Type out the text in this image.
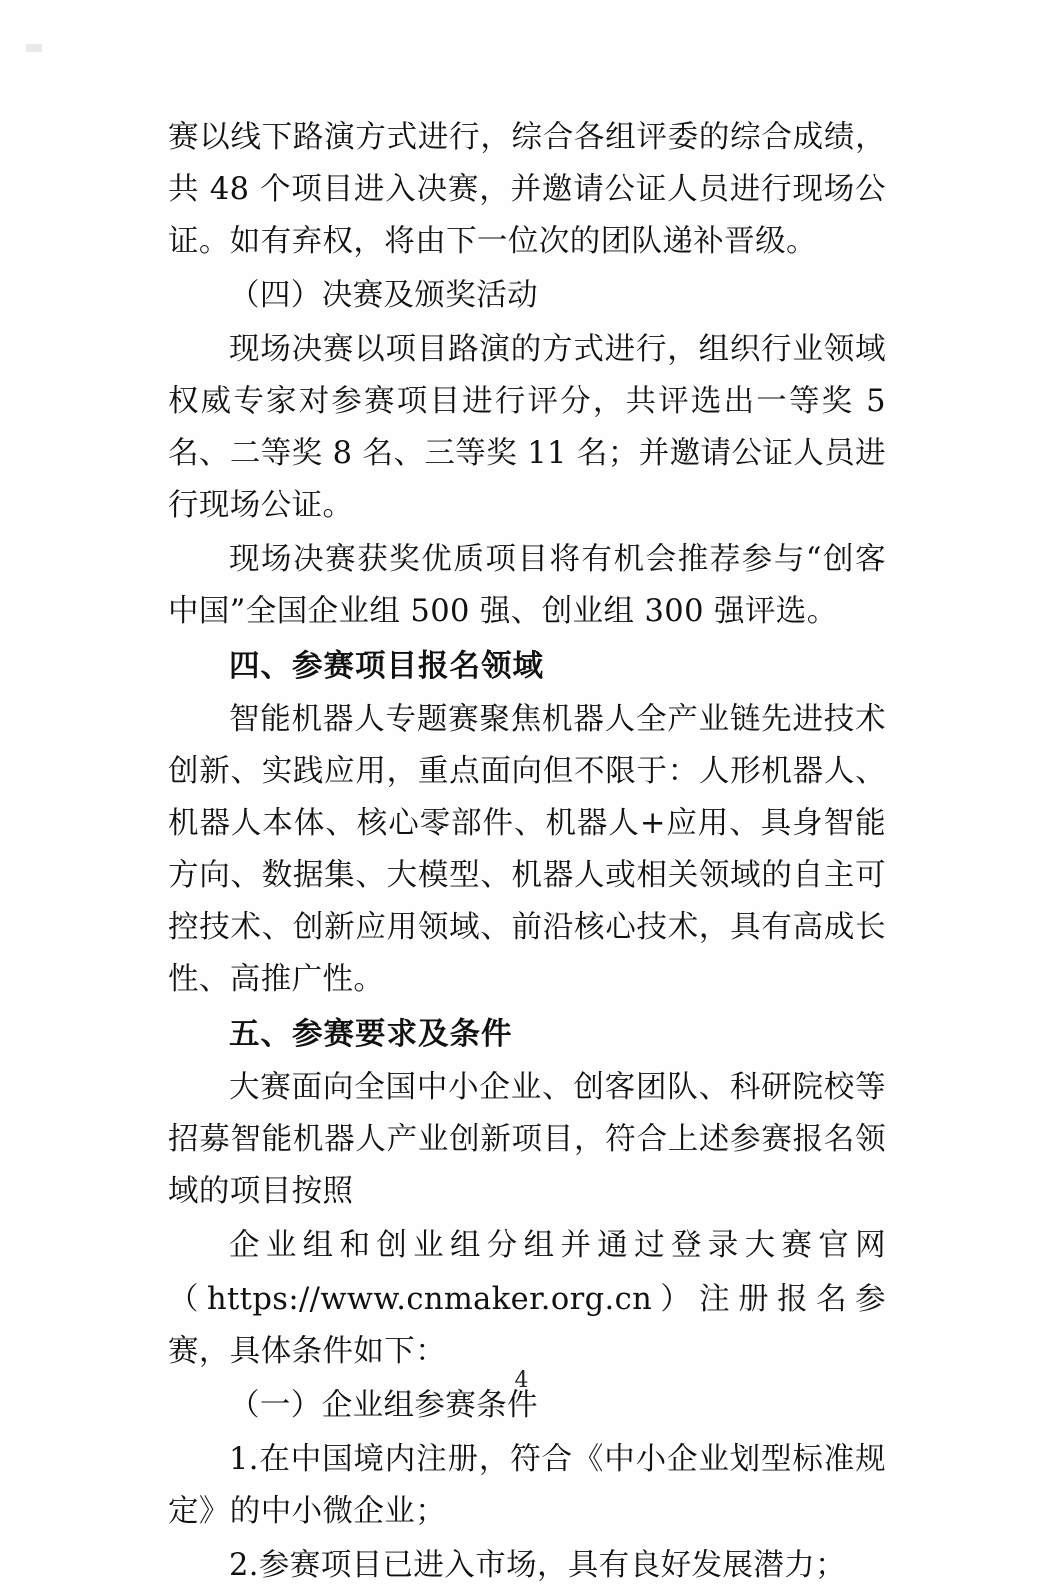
赛以线下路演方式进行，综合各组评委的综合成绩，共 48 个项目进入决赛，并邀请公证人员进行现场公证。如有弃权，将由下一位次的团队递补晋级。

（四）决赛及颁奖活动

现场决赛以项目路演的方式进行，组织行业领域权威专家对参赛项目进行评分，共评选出一等奖 5 名、二等奖 8 名、三等奖 11 名；并邀请公证人员进行现场公证。

现场决赛获奖优质项目将有机会推荐参与“创客中国”全国企业组 500 强、创业组 300 强评选。

四、参赛项目报名领域

智能机器人专题赛聚焦机器人全产业链先进技术创新、实践应用，重点面向但不限于：人形机器人、机器人本体、核心零部件、机器人+应用、具身智能方向、数据集、大模型、机器人或相关领域的自主可控技术、创新应用领域、前沿核心技术，具有高成长性、高推广性。

五、参赛要求及条件

大赛面向全国中小企业、创客团队、科研院校等招募智能机器人产业创新项目，符合上述参赛报名领域的项目按照

企业组和创业组分组并通过登录大赛官网

（https://www.cnmaker.org.cn）注册报名参赛，具体条件如下：

（一）企业组参赛条件

1.在中国境内注册，符合《中小企业划型标准规定》的中小微企业；

2.参赛项目已进入市场，具有良好发展潜力；

4
